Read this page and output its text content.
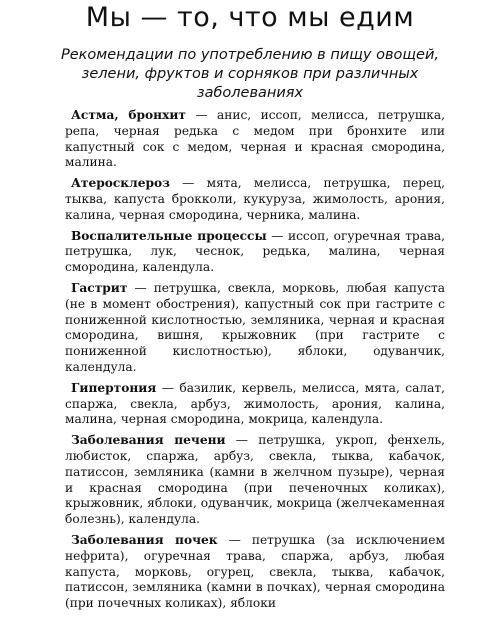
Мы — то, что мы едим

Рекомендации по употреблению в пищу овощей, зелени, фруктов и сорняков при различных заболеваниях

Астма, бронхит — анис, иссоп, мелисса, петрушка, репа, черная редька с медом при бронхите или капустный сок с медом, черная и красная смородина, малина.

Атеросклероз — мята, мелисса, петрушка, перец, тыква, капуста брокколи, кукуруза, жимолость, арония, калина, черная смородина, черника, малина.

Воспалительные процессы — иссоп, огуречная трава, петрушка, лук, чеснок, редька, малина, черная смородина, календула.

Гастрит — петрушка, свекла, морковь, любая капуста (не в момент обострения), капустный сок при гастрите с пониженной кислотностью, земляника, черная и красная смородина, вишня, крыжовник (при гастрите с пониженной кислотностью), яблоки, одуванчик, календула.

Гипертония — базилик, кервель, мелисса, мята, салат, спаржа, свекла, арбуз, жимолость, арония, калина, малина, черная смородина, мокрица, календула.

Заболевания печени — петрушка, укроп, фенхель, любисток, спаржа, арбуз, свекла, тыква, кабачок, патиссон, земляника (камни в желчном пузыре), черная и красная смородина (при печеночных коликах), крыжовник, яблоки, одуванчик, мокрица (желчекаменная болезнь), календула.

Заболевания почек — петрушка (за исключением нефрита), огуречная трава, спаржа, арбуз, любая капуста, морковь, огурец, свекла, тыква, кабачок, патиссон, земляника (камни в почках), черная смородина (при почечных коликах), яблоки
